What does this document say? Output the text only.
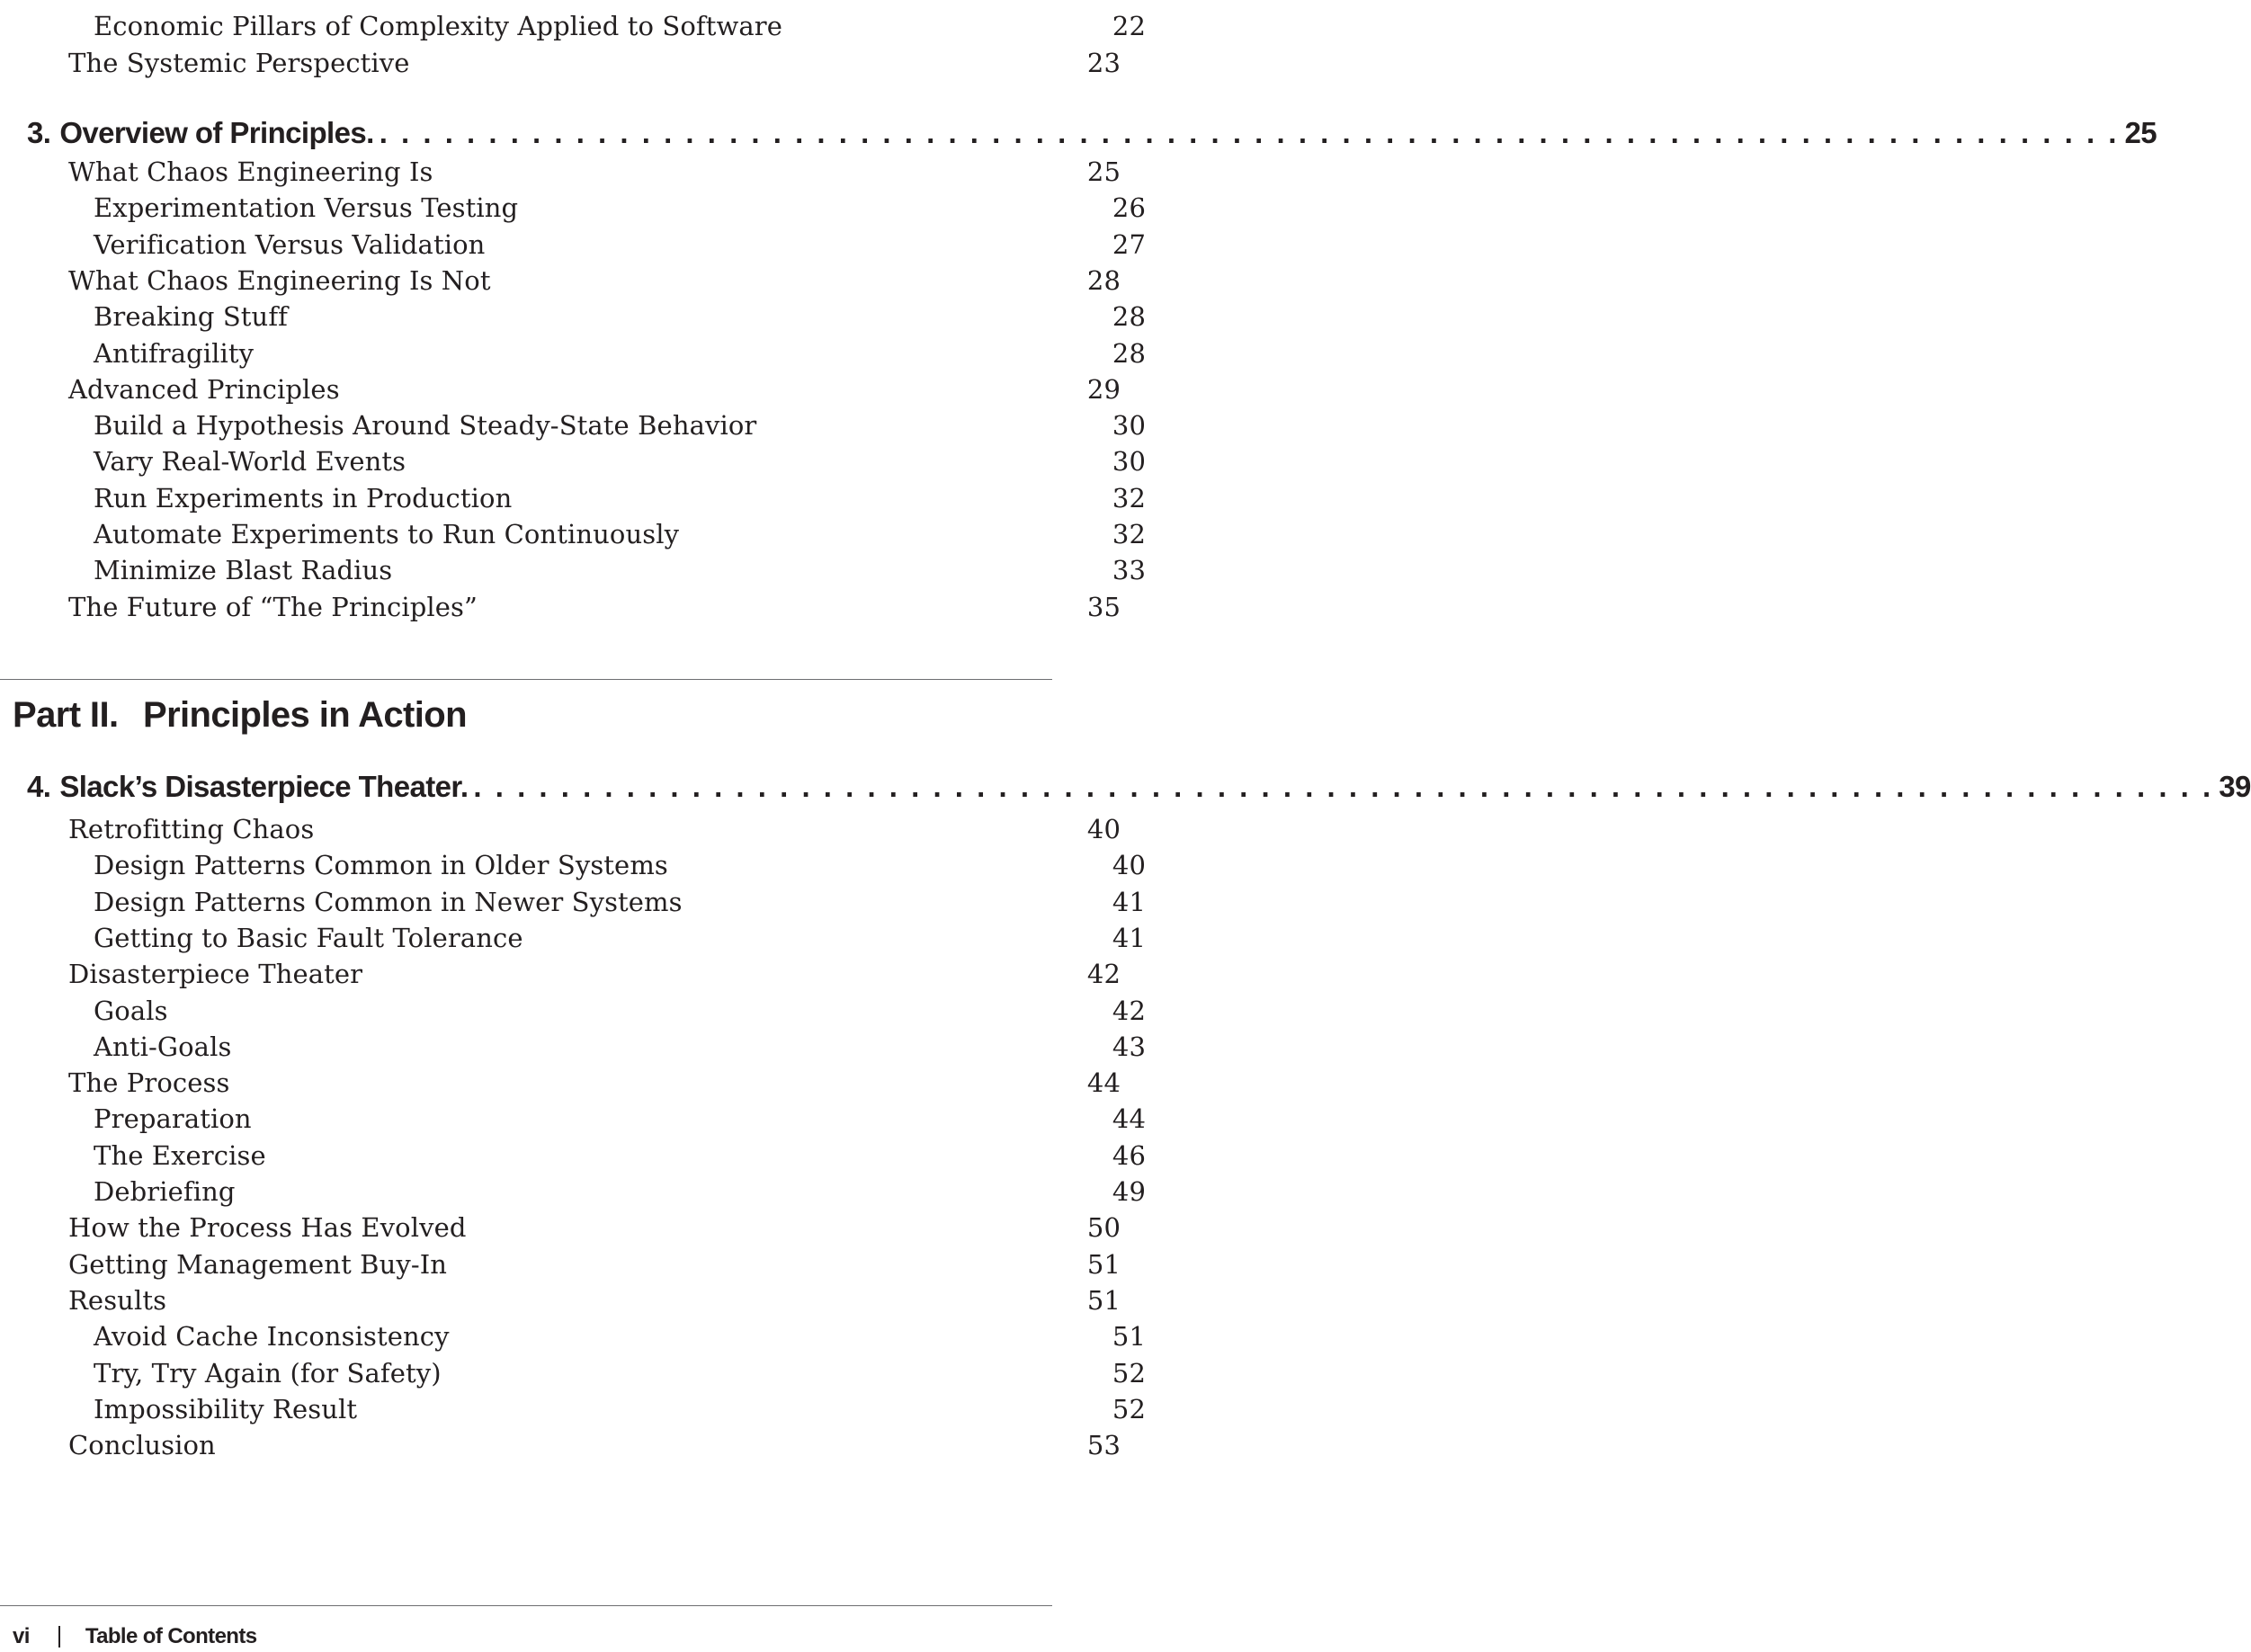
Economic Pillars of Complexity Applied to Software	22
The Systemic Perspective	23
3. Overview of Principles. . . . . . . . . . . . . . . . . . . . . . . . . . . . . . . . . . . . . . . . . . . . . . . . . . . . . . . . . . . . . . . . . . . . . . . . . . . . . . . . . 25
What Chaos Engineering Is	25
Experimentation Versus Testing	26
Verification Versus Validation	27
What Chaos Engineering Is Not	28
Breaking Stuff	28
Antifragility	28
Advanced Principles	29
Build a Hypothesis Around Steady-State Behavior	30
Vary Real-World Events	30
Run Experiments in Production	32
Automate Experiments to Run Continuously	32
Minimize Blast Radius	33
The Future of “The Principles”	35
Part II. Principles in Action
4. Slack’s Disasterpiece Theater. . . . . . . . . . . . . . . . . . . . . . . . . . . . . . . . . . . . . . . . . . . . . . . . . . . . . . . . . . . . . . . . . . . . . . . . . . . . . . . . . 39
Retrofitting Chaos	40
Design Patterns Common in Older Systems	40
Design Patterns Common in Newer Systems	41
Getting to Basic Fault Tolerance	41
Disasterpiece Theater	42
Goals	42
Anti-Goals	43
The Process	44
Preparation	44
The Exercise	46
Debriefing	49
How the Process Has Evolved	50
Getting Management Buy-In	51
Results	51
Avoid Cache Inconsistency	51
Try, Try Again (for Safety)	52
Impossibility Result	52
Conclusion	53
vi	Table of Contents
